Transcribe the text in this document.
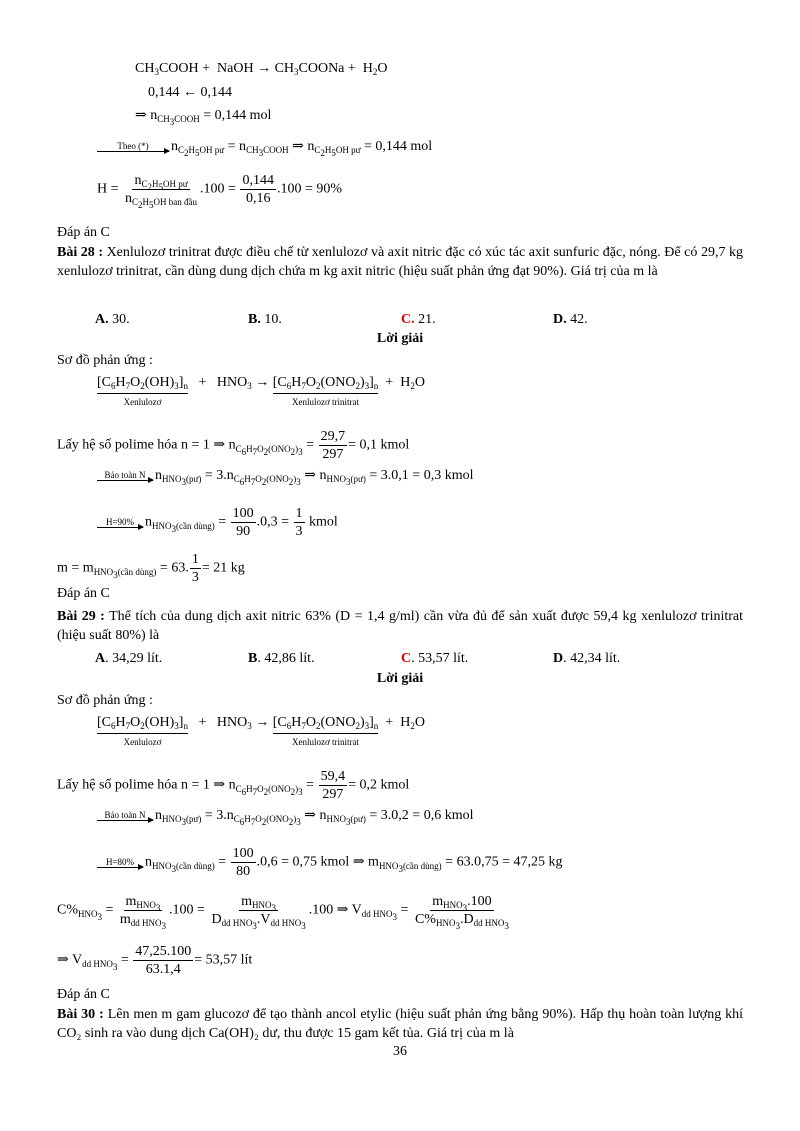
$CH_3COOH$ +  NaOH → $CH_3COONa + H_2O$
0,144 ← 0,144
⇒ $n_{CH_3COOH} = 0,144$ mol
Theo (*) $n_{C_2H_5OH pư} = n_{CH_3COOH}$ ⇒ $n_{C_2H_5OH pư} = 0,144$ mol
$H = \frac{n_{C_2H_5OH pư}}{n_{C_2H_5OH ban đầu}} .100 = \frac{0,144}{0,16} .100 = 90\%$
Đáp án C
Bài 28 : Xenlulozơ trinitrat được điều chế từ xenlulozơ và axit nitric đặc có xúc tác axit sunfuric đặc, nóng. Để có 29,7 kg xenlulozơ trinitrat, cần dùng dung dịch chứa m kg axit nitric (hiệu suất phản ứng đạt 90%). Giá trị của m là
A. 30.	B. 10.	C. 21.	D. 42.
Lời giải
Sơ đồ phản ứng :
$[C_6H_7O_2(OH)_3]_n$
Xenlulozơ
+   $HNO_3 \to [C_6H_7O_2(ONO_2)_3]_n$
Xenlulozơ trinitrat
+  $H_2O$
Lấy hệ số polime hóa n = 1 ⇒ $n_{C_6H_7O_2(ONO_2)_3} = \frac{29,7}{297} = 0,1$ kmol
Bảo toàn N $n_{HNO_3(pư)} = 3.n_{C_6H_7O_2(ONO_2)_3}$ ⇒ $n_{HNO_3(pư)} = 3.0,1 = 0,3$ kmol
H=90% $n_{HNO_3(cần dùng)} = \frac{100}{90} .0,3 = \frac{1}{3}$ kmol
$m = m_{HNO_3(cần dùng)} = 63$. $\frac{1}{3} = 21$ kg
Đáp án C
Bài 29 : Thể tích của dung dịch axit nitric 63% (D = 1,4 g/ml) cần vừa đủ để sản xuất được 59,4 kg xenlulozơ trinitrat (hiệu suất 80%) là
A. 34,29 lít.	B. 42,86 lít.	C. 53,57 lít.	D. 42,34 lít.
Lời giải
Sơ đồ phản ứng :
$[C_6H_7O_2(OH)_3]_n$
Xenlulozơ
+   $HNO_3 \to [C_6H_7O_2(ONO_2)_3]_n$
Xenlulozơ trinitrat
+  $H_2O$
Lấy hệ số polime hóa n = 1 ⇒ $n_{C_6H_7O_2(ONO_2)_3} = \frac{59,4}{297} = 0,2$ kmol
Bảo toàn N $n_{HNO_3(pư)} = 3.n_{C_6H_7O_2(ONO_2)_3}$ ⇒ $n_{HNO_3(pư)} = 3.0,2 = 0,6$ kmol
H=80% $n_{HNO_3(cần dùng)} = \frac{100}{80} .0,6 = 0,75$ kmol ⇒ $m_{HNO_3(cần dùng)} = 63.0,75 = 47,25$ kg
$C\%_{HNO_3} = \frac{m_{HNO_3}}{m_{dd HNO_3}} .100 = \frac{m_{HNO_3}}{D_{dd HNO_3}.V_{dd HNO_3}} .100$ ⇒ $V_{dd HNO_3} = \frac{m_{HNO_3}.100}{C\%_{HNO_3}.D_{dd HNO_3}}$
⇒ $V_{dd HNO_3} = \frac{47,25.100}{63.1,4} = 53,57$ lít
Đáp án C
Bài 30 : Lên men m gam glucozơ để tạo thành ancol etylic (hiệu suất phản ứng bằng 90%). Hấp thụ hoàn toàn lượng khí CO₂ sinh ra vào dung dịch Ca(OH)₂ dư, thu được 15 gam kết tủa. Giá trị của m là
36
